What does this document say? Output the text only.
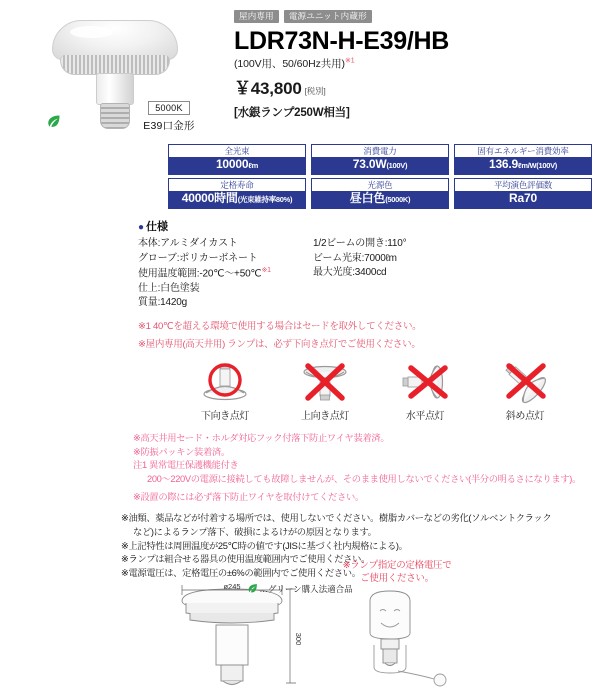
5000K
E39口金形
屋内専用	電源ユニット内蔵形
LDR73N-H-E39/HB
(100V用、50/60Hz共用)$^{※1}$
￥43,800 [税別]
[水銀ランプ250W相当]
全光束
10000ℓm
消費電力
73.0W(100V)
固有エネルギー消費効率
136.9ℓm/W(100V)
定格寿命
40000時間(光束維持率80%)
光源色
昼白色(5000K)
平均演色評価数
Ra70
● 仕様
本体:アルミダイカスト
グローブ:ポリカーボネート
使用温度範囲:-20℃～+50℃$^{※1}$
仕上:白色塗装
質量:1420g
1/2ビームの開き:110°
ビーム光束:7000ℓm
最大光度:3400cd
※1 40℃を超える環境で使用する場合はセードを取外してください。
※屋内専用(高天井用) ランプは、必ず下向き点灯でご使用ください。
下向き点灯	上向き点灯	水平点灯	斜め点灯
※高天井用セード・ホルダ対応フック付落下防止ワイヤ装着済。
※防振パッキン装着済。
注1 異常電圧保護機能付き
200～220Vの電源に接続しても故障しませんが、そのまま使用しないでください(半分の明るさになります)。
※設置の際には必ず落下防止ワイヤを取付けてください。
※油類、薬品などが付着する場所では、使用しないでください。樹脂カバーなどの劣化(ソルベントクラック
など)によるランプ落下、破損によるけがの原因となります。
※上記特性は周囲温度が25℃時の値です(JISに基づく社内規格による)。
※ランプは組合せる器具の使用温度範囲内でご使用ください。
※電源電圧は、定格電圧の±6%の範囲内でご使用ください。
ø245
300
※ランプ指定の定格電圧で
ご使用ください。
…グリーン購入法適合品
